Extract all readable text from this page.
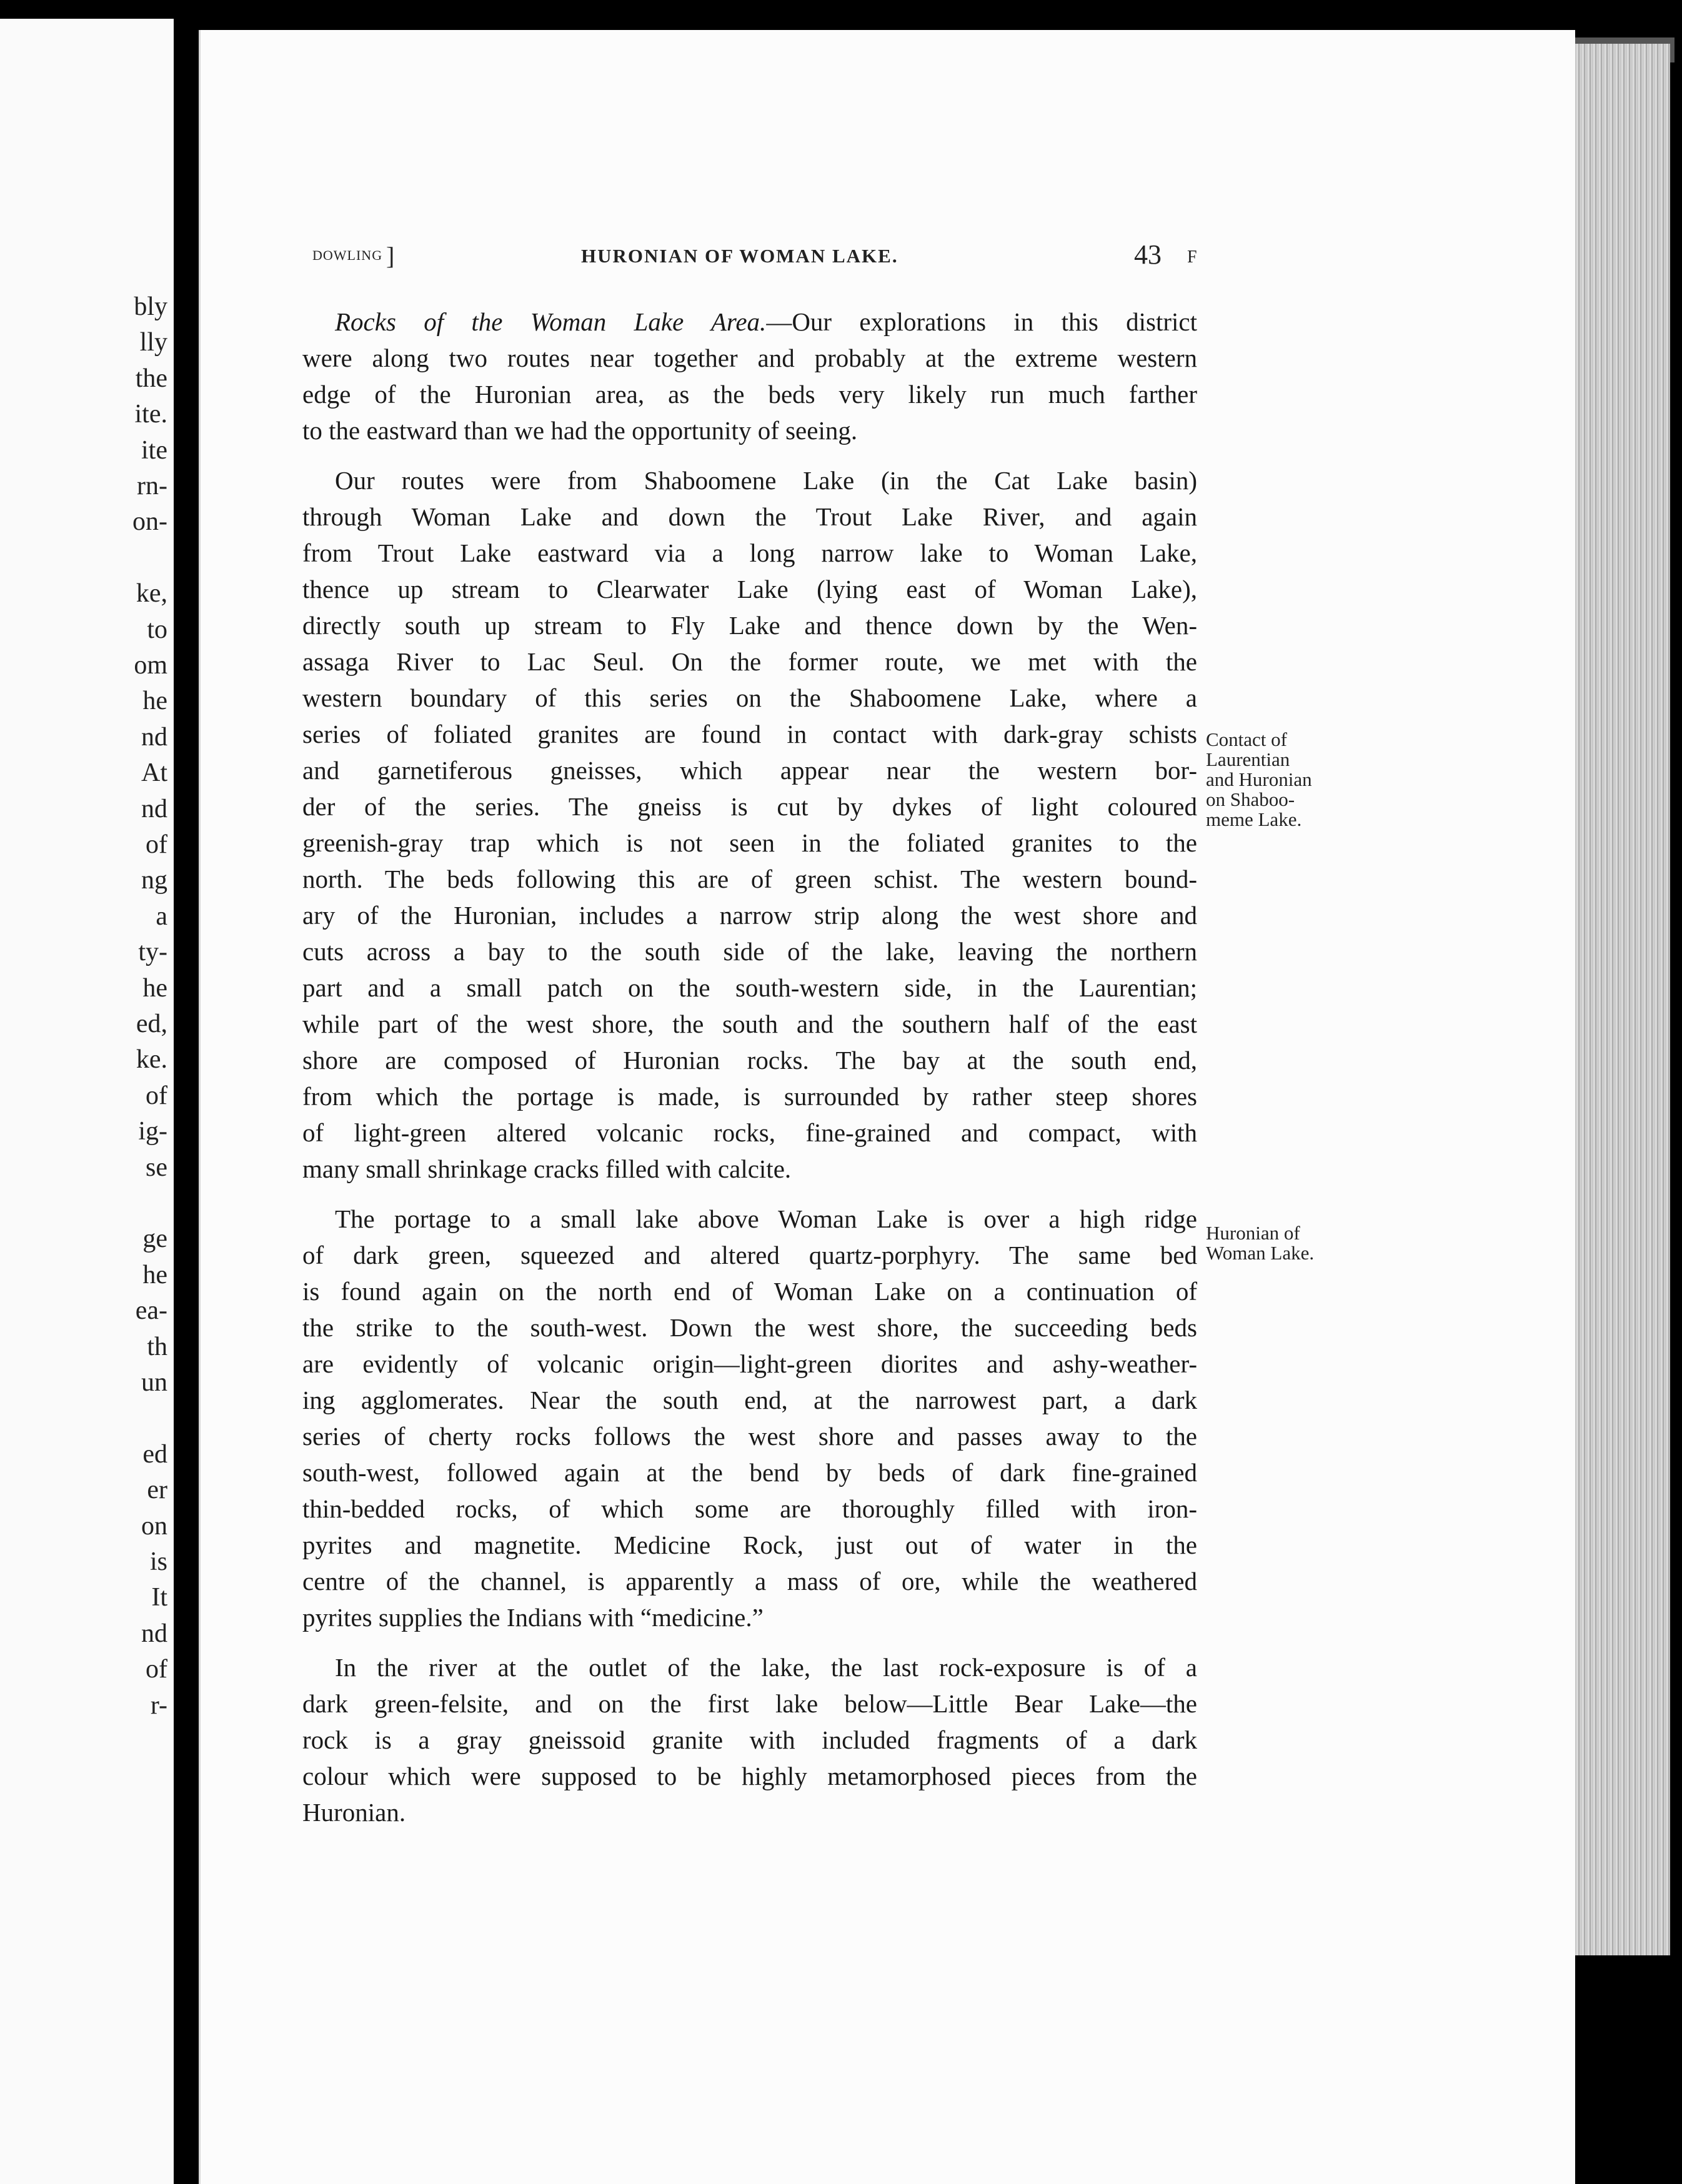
bly
lly
the
ite.
ite
rn-
on-
ke,
to
om
he
nd
At
nd
of
ng
a
ty-
he
ed,
ke.
of
ig-
se
ge
he
ea-
th
un
ed
er
on
is
It
nd
of
r-
DOWLING ]	HURONIAN OF WOMAN LAKE.	43 F

Rocks of the Woman Lake Area.—Our explorations in this district
were along two routes near together and probably at the extreme western
edge of the Huronian area, as the beds very likely run much farther
to the eastward than we had the opportunity of seeing.

Our routes were from Shaboomene Lake (in the Cat Lake basin)
through Woman Lake and down the Trout Lake River, and again
from Trout Lake eastward via a long narrow lake to Woman Lake,
thence up stream to Clearwater Lake (lying east of Woman Lake),
directly south up stream to Fly Lake and thence down by the Wen-
assaga River to Lac Seul. On the former route, we met with the
western boundary of this series on the Shaboomene Lake, where a
series of foliated granites are found in contact with dark-gray schists
and garnetiferous gneisses, which appear near the western bor-
der of the series. The gneiss is cut by dykes of light coloured
greenish-gray trap which is not seen in the foliated granites to the
north. The beds following this are of green schist. The western bound-
ary of the Huronian, includes a narrow strip along the west shore and
cuts across a bay to the south side of the lake, leaving the northern
part and a small patch on the south-western side, in the Laurentian;
while part of the west shore, the south and the southern half of the east
shore are composed of Huronian rocks. The bay at the south end,
from which the portage is made, is surrounded by rather steep shores
of light-green altered volcanic rocks, fine-grained and compact, with
many small shrinkage cracks filled with calcite.

The portage to a small lake above Woman Lake is over a high ridge
of dark green, squeezed and altered quartz-porphyry. The same bed
is found again on the north end of Woman Lake on a continuation of
the strike to the south-west. Down the west shore, the succeeding beds
are evidently of volcanic origin—light-green diorites and ashy-weather-
ing agglomerates. Near the south end, at the narrowest part, a dark
series of cherty rocks follows the west shore and passes away to the
south-west, followed again at the bend by beds of dark fine-grained
thin-bedded rocks, of which some are thoroughly filled with iron-
pyrites and magnetite. Medicine Rock, just out of water in the
centre of the channel, is apparently a mass of ore, while the weathered
pyrites supplies the Indians with “medicine.”

In the river at the outlet of the lake, the last rock-exposure is of a
dark green-felsite, and on the first lake below—Little Bear Lake—the
rock is a gray gneissoid granite with included fragments of a dark
colour which were supposed to be highly metamorphosed pieces from the
Huronian.

Contact of
Laurentian
and Huronian
on Shaboo-
meme Lake.
Huronian of
Woman Lake.
